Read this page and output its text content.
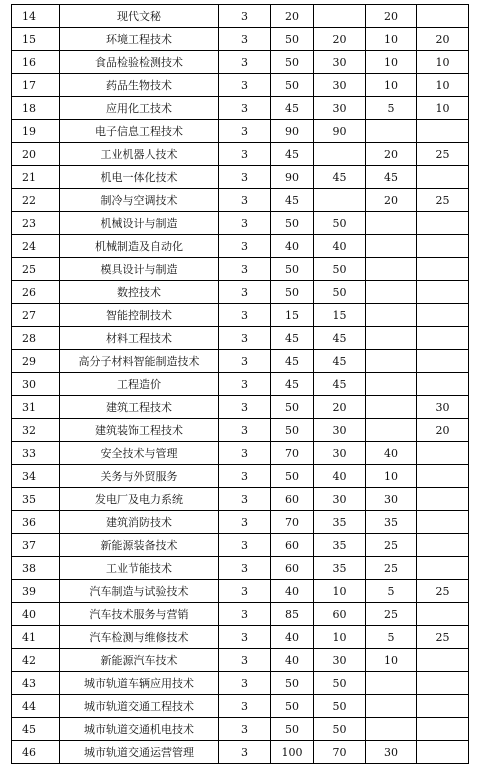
14	现代文秘	3	20		20	
15	环境工程技术	3	50	20	10	20
16	食品检验检测技术	3	50	30	10	10
17	药品生物技术	3	50	30	10	10
18	应用化工技术	3	45	30	5	10
19	电子信息工程技术	3	90	90		
20	工业机器人技术	3	45		20	25
21	机电一体化技术	3	90	45	45	
22	制冷与空调技术	3	45		20	25
23	机械设计与制造	3	50	50		
24	机械制造及自动化	3	40	40		
25	模具设计与制造	3	50	50		
26	数控技术	3	50	50		
27	智能控制技术	3	15	15		
28	材料工程技术	3	45	45		
29	高分子材料智能制造技术	3	45	45		
30	工程造价	3	45	45		
31	建筑工程技术	3	50	20		30
32	建筑装饰工程技术	3	50	30		20
33	安全技术与管理	3	70	30	40	
34	关务与外贸服务	3	50	40	10	
35	发电厂及电力系统	3	60	30	30	
36	建筑消防技术	3	70	35	35	
37	新能源装备技术	3	60	35	25	
38	工业节能技术	3	60	35	25	
39	汽车制造与试验技术	3	40	10	5	25
40	汽车技术服务与营销	3	85	60	25	
41	汽车检测与维修技术	3	40	10	5	25
42	新能源汽车技术	3	40	30	10	
43	城市轨道车辆应用技术	3	50	50		
44	城市轨道交通工程技术	3	50	50		
45	城市轨道交通机电技术	3	50	50		
46	城市轨道交通运营管理	3	100	70	30	
